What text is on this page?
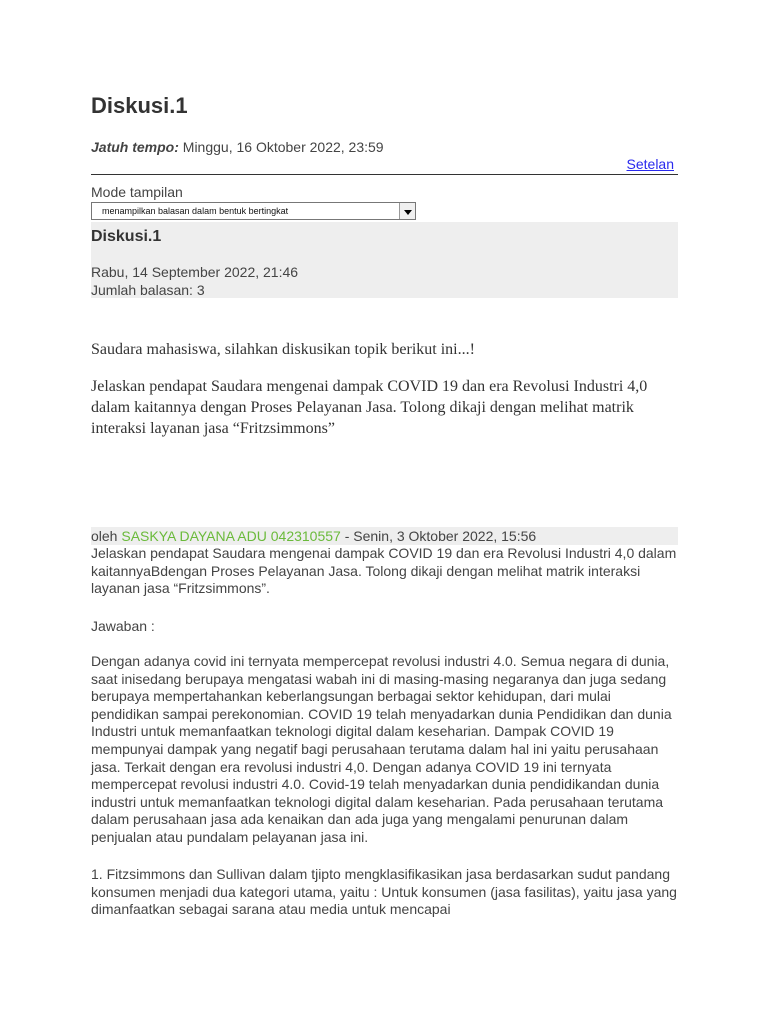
Diskusi.1
Jatuh tempo: Minggu, 16 Oktober 2022, 23:59
Setelan
Mode tampilan
menampilkan balasan dalam bentuk bertingkat
Diskusi.1
Rabu, 14 September 2022, 21:46
Jumlah balasan: 3
Saudara mahasiswa, silahkan diskusikan topik berikut ini...!
Jelaskan pendapat Saudara mengenai dampak COVID 19 dan era Revolusi Industri 4,0 dalam kaitannya dengan Proses Pelayanan Jasa. Tolong dikaji dengan melihat matrik interaksi layanan jasa “Fritzsimmons”
oleh SASKYA DAYANA ADU 042310557 - Senin, 3 Oktober 2022, 15:56
Jelaskan pendapat Saudara mengenai dampak COVID 19 dan era Revolusi Industri 4,0 dalam kaitannyaBdengan Proses Pelayanan Jasa. Tolong dikaji dengan melihat matrik interaksi layanan jasa “Fritzsimmons”.
Jawaban :
Dengan adanya covid ini ternyata mempercepat revolusi industri 4.0. Semua negara di dunia, saat inisedang berupaya mengatasi wabah ini di masing-masing negaranya dan juga sedang berupaya mempertahankan keberlangsungan berbagai sektor kehidupan, dari mulai pendidikan sampai perekonomian. COVID 19 telah menyadarkan dunia Pendidikan dan dunia Industri untuk memanfaatkan teknologi digital dalam keseharian. Dampak COVID 19 mempunyai dampak yang negatif bagi perusahaan terutama dalam hal ini yaitu perusahaan jasa. Terkait dengan era revolusi industri 4,0. Dengan adanya COVID 19 ini ternyata mempercepat revolusi industri 4.0. Covid-19 telah menyadarkan dunia pendidikandan dunia industri untuk memanfaatkan teknologi digital dalam keseharian. Pada perusahaan terutama dalam perusahaan jasa ada kenaikan dan ada juga yang mengalami penurunan dalam penjualan atau pundalam pelayanan jasa ini.
1. Fitzsimmons dan Sullivan dalam tjipto mengklasifikasikan jasa berdasarkan sudut pandang konsumen menjadi dua kategori utama, yaitu : Untuk konsumen (jasa fasilitas), yaitu jasa yang dimanfaatkan sebagai sarana atau media untuk mencapai
